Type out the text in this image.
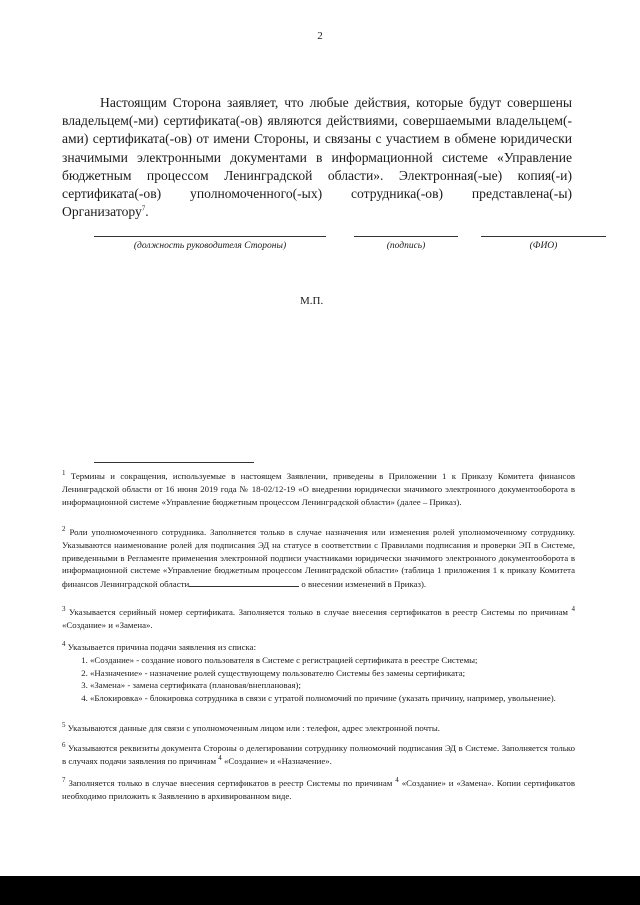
2
Настоящим Сторона заявляет, что любые действия, которые будут совершены владельцем(-ми) сертификата(-ов) являются действиями, совершаемыми владельцем(-ами) сертификата(-ов) от имени Стороны, и связаны с участием в обмене юридически значимыми электронными документами в информационной системе «Управление бюджетным процессом Ленинградской области». Электронная(-ые) копия(-и) сертификата(-ов) уполномоченного(-ых) сотрудника(-ов) представлена(-ы) Организатору$^7$.
(должность руководителя Стороны)	(подпись)	(ФИО)
М.П.
$^1$ Термины и сокращения, используемые в настоящем Заявлении, приведены в Приложении 1 к Приказу Комитета финансов Ленинградской области от 16 июня 2019 года № 18-02/12-19 «О внедрении юридически значимого электронного документооборота в информационной системе «Управление бюджетным процессом Ленинградской области» (далее – Приказ).
$^2$ Роли уполномоченного сотрудника. Заполняется только в случае назначения или изменения ролей уполномоченному сотруднику. Указываются наименование ролей для подписания ЭД на статусе в соответствии с Правилами подписания и проверки ЭП в Системе, приведенными в Регламенте применения электронной подписи участниками юридически значимого электронного документооборота в информационной системе «Управление бюджетным процессом Ленинградской области» (таблица 1 приложения 1 к приказу Комитета финансов Ленинградской области	о внесении изменений в Приказ).
$^3$ Указывается серийный номер сертификата. Заполняется только в случае внесения сертификатов в реестр Системы по причинам $^4$ «Создание» и «Замена».
$^4$ Указывается причина подачи заявления из списка:
1. «Создание» - создание нового пользователя в Системе с регистрацией сертификата в реестре Системы;
2. «Назначение» - назначение ролей существующему пользователю Системы без замены сертификата;
3. «Замена» - замена сертификата (плановая/внеплановая);
4. «Блокировка» - блокировка сотрудника в связи с утратой полномочий по причине (указать причину, например, увольнение).
$^5$ Указываются данные для связи с уполномоченным лицом или : телефон, адрес электронной почты.
$^6$ Указываются реквизиты документа Стороны о делегировании сотруднику полномочий подписания ЭД в Системе. Заполняется только в случаях подачи заявления по причинам $^4$ «Создание» и «Назначение».
$^7$ Заполняется только в случае внесения сертификатов в реестр Системы по причинам $^4$ «Создание» и «Замена». Копии сертификатов необходимо приложить к Заявлению в архивированном виде.
